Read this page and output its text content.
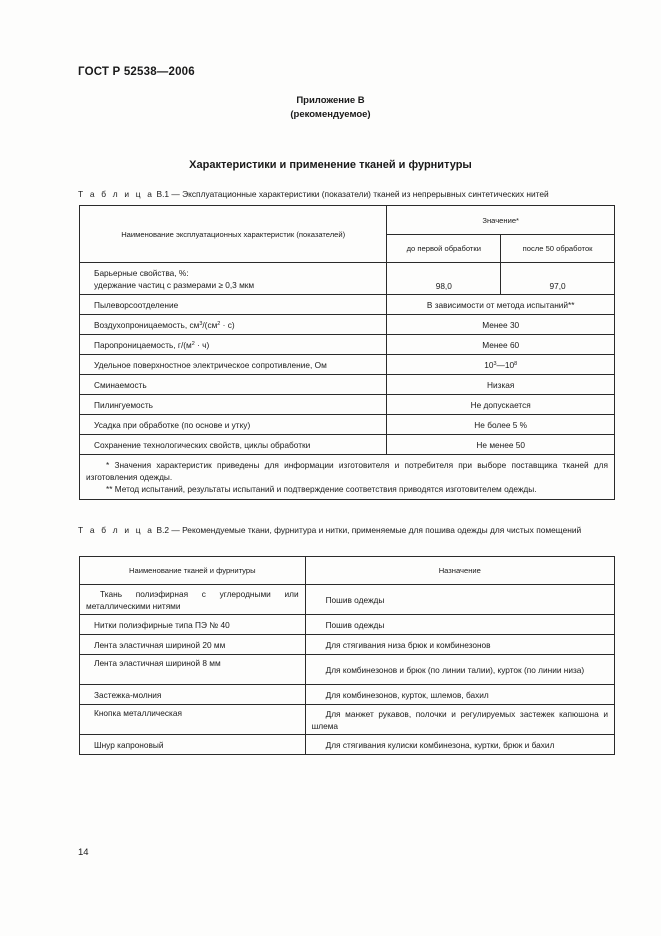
ГОСТ Р 52538—2006
Приложение В
(рекомендуемое)
Характеристики и применение тканей и фурнитуры
Т а б л и ц а В.1 — Эксплуатационные характеристики (показатели) тканей из непрерывных синтетических нитей
Наименование эксплуатационных характеристик (показателей)	Значение*	
	до первой обработки	после 50 обработок

Барьерные свойства, %:
удержание частиц с размерами ≥ 0,3 мкм	98,0	97,0
Пылеворсоотделение	В зависимости от метода испытаний**	
Воздухопроницаемость, $см^3/(см^2 \cdot с)$	Менее 30	
Паропроницаемость, $г/(м^2 \cdot ч)$	Менее 60	
Удельное поверхностное электрическое сопротивление, Ом	$10^3—10^8$
Сминаемость	Низкая	
Пилингуемость	Не допускается	
Усадка при обработке (по основе и утку)	Не более 5 %	
Сохранение технологических свойств, циклы обработки	Не менее 50	

* Значения характеристик приведены для информации изготовителя и потребителя при выборе поставщика тканей для изготовления одежды.

** Метод испытаний, результаты испытаний и подтверждение соответствия приводятся изготовителем одежды.		

Т а б л и ц а В.2 — Рекомендуемые ткани, фурнитура и нитки, применяемые для пошива одежды для чистых помещений
Наименование тканей и фурнитуры	Назначение
Ткань полиэфирная с углеродными или металлическими нитями	Пошив одежды
Нитки полиэфирные типа ПЭ № 40	Пошив одежды
Лента эластичная шириной 20 мм	Для стягивания низа брюк и комбинезонов
Лента эластичная шириной 8 мм	Для комбинезонов и брюк (по линии талии), курток (по линии низа)
Застежка-молния	Для комбинезонов, курток, шлемов, бахил
Кнопка металлическая	Для манжет рукавов, полочки и регулируемых застежек капюшона и шлема
Шнур капроновый	Для стягивания кулиски комбинезона, куртки, брюк и бахил
14
